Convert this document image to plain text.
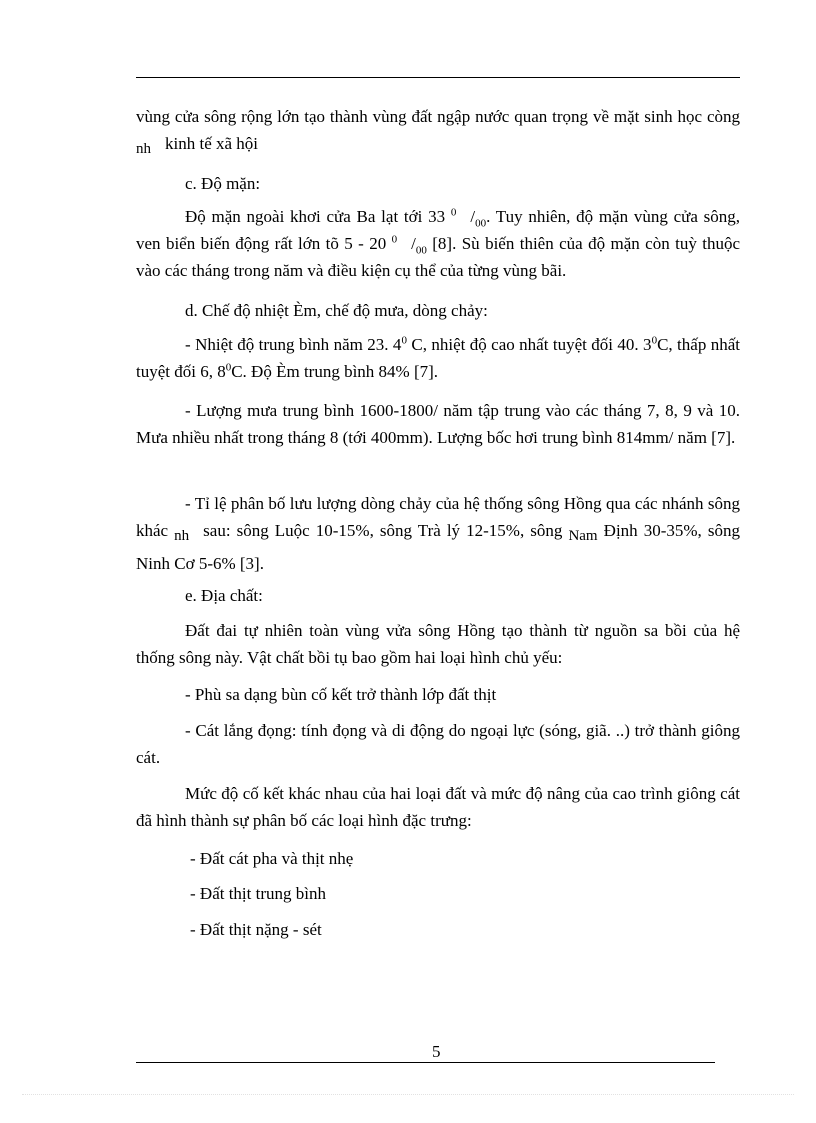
vùng cửa sông rộng lớn tạo thành vùng đất ngập nước quan trọng về mặt sinh học còng nh kinh tế xã hội

c. Độ mặn:

Độ mặn ngoài khơi cửa Ba lạt tới 33 $^0$ $/_{00}$. Tuy nhiên, độ mặn vùng cửa sông, ven biển biến động rất lớn tõ 5 - 20 $^0$ $/_{00}$ [8]. Sù biến thiên của độ mặn còn tuỳ thuộc vào các tháng trong năm và điều kiện cụ thể của từng vùng bãi.

d. Chế độ nhiệt Èm, chế độ mưa, dòng chảy:

- Nhiệt độ trung bình năm 23. $4^0$ C, nhiệt độ cao nhất tuyệt đối 40. $3^0C$, thấp nhất tuyệt đối 6, $8^0C$. Độ Èm trung bình 84% [7].

- Lượng mưa trung bình 1600-1800/ năm tập trung vào các tháng 7, 8, 9 và 10. Mưa nhiều nhất trong tháng 8 (tới 400mm). Lượng bốc hơi trung bình 814mm/ năm [7].

- Tỉ lệ phân bố lưu lượng dòng chảy của hệ thống sông Hồng qua các nhánh sông khác nh sau: sông Luộc 10-15%, sông Trà lý 12-15%, sông Nam Định 30-35%, sông Ninh Cơ 5-6% [3].

e. Địa chất:

Đất đai tự nhiên toàn vùng vửa sông Hồng tạo thành từ nguồn sa bồi của hệ thống sông này. Vật chất bồi tụ bao gồm hai loại hình chủ yếu:

- Phù sa dạng bùn cố kết trở thành lớp đất thịt

- Cát lắng đọng: tính đọng và di động do ngoại lực (sóng, giã. ..) trở thành giông cát.

Mức độ cố kết khác nhau của hai loại đất và mức độ nâng của cao trình giông cát đã hình thành sự phân bố các loại hình đặc trưng:

- Đất cát pha và thịt nhẹ

- Đất thịt trung bình

- Đất thịt nặng - sét

5
